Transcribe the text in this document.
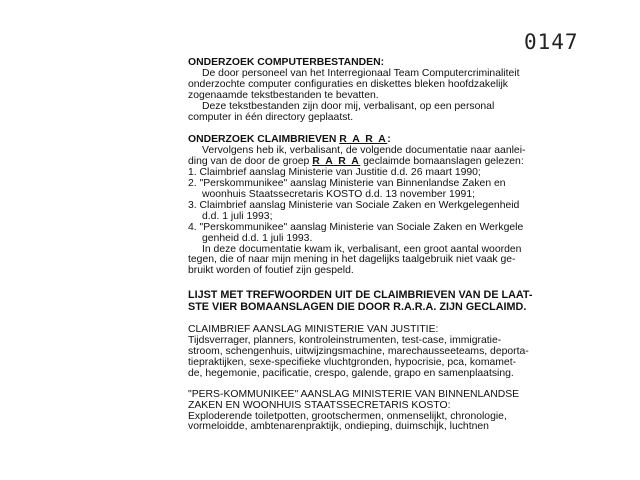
0147

ONDERZOEK COMPUTERBESTANDEN:

De door personeel van het Interregionaal Team Computercriminaliteit

onderzochte computer configuraties en diskettes bleken hoofdzakelijk

zogenaamde tekstbestanden te bevatten.

Deze tekstbestanden zijn door mij, verbalisant, op een personal

computer in één directory geplaatst.

ONDERZOEK CLAIMBRIEVEN R A R A:

Vervolgens heb ik, verbalisant, de volgende documentatie naar aanlei-

ding van de door de groep R A R A geclaimde bomaanslagen gelezen:

1. Claimbrief aanslag Ministerie van Justitie d.d. 26 maart 1990;

2. "Perskommunikee" aanslag Ministerie van Binnenlandse Zaken en

woonhuis Staatssecretaris KOSTO d.d. 13 november 1991;

3. Claimbrief aanslag Ministerie van Sociale Zaken en Werkgelegenheid

d.d. 1 juli 1993;

4. "Perskommunikee" aanslag Ministerie van Sociale Zaken en Werkgele

genheid d.d. 1 juli 1993.

In deze documentatie kwam ik, verbalisant, een groot aantal woorden

tegen, die of naar mijn mening in het dagelijks taalgebruik niet vaak ge-

bruikt worden of foutief zijn gespeld.

LIJST MET TREFWOORDEN UIT DE CLAIMBRIEVEN VAN DE LAAT-

STE VIER BOMAANSLAGEN DIE DOOR R.A.R.A. ZIJN GECLAIMD.

CLAIMBRIEF AANSLAG MINISTERIE VAN JUSTITIE:

Tijdsverrager, planners, kontroleinstrumenten, test-case, immigratie-

stroom, schengenhuis, uitwijzingsmachine, marechausseeteams, deporta-

tiepraktijken, sexe-specifieke vluchtgronden, hypocrisie, pca, komamet-

de, hegemonie, pacificatie, crespo, galende, grapo en samenplaatsing.

"PERS-KOMMUNIKEE" AANSLAG MINISTERIE VAN BINNENLANDSE

ZAKEN EN WOONHUIS STAATSSECRETARIS KOSTO:

Exploderende toiletpotten, grootschermen, onmenselijkt, chronologie,

vormeloidde, ambtenarenpraktijk, ondieping, duimschijk, luchtnen
